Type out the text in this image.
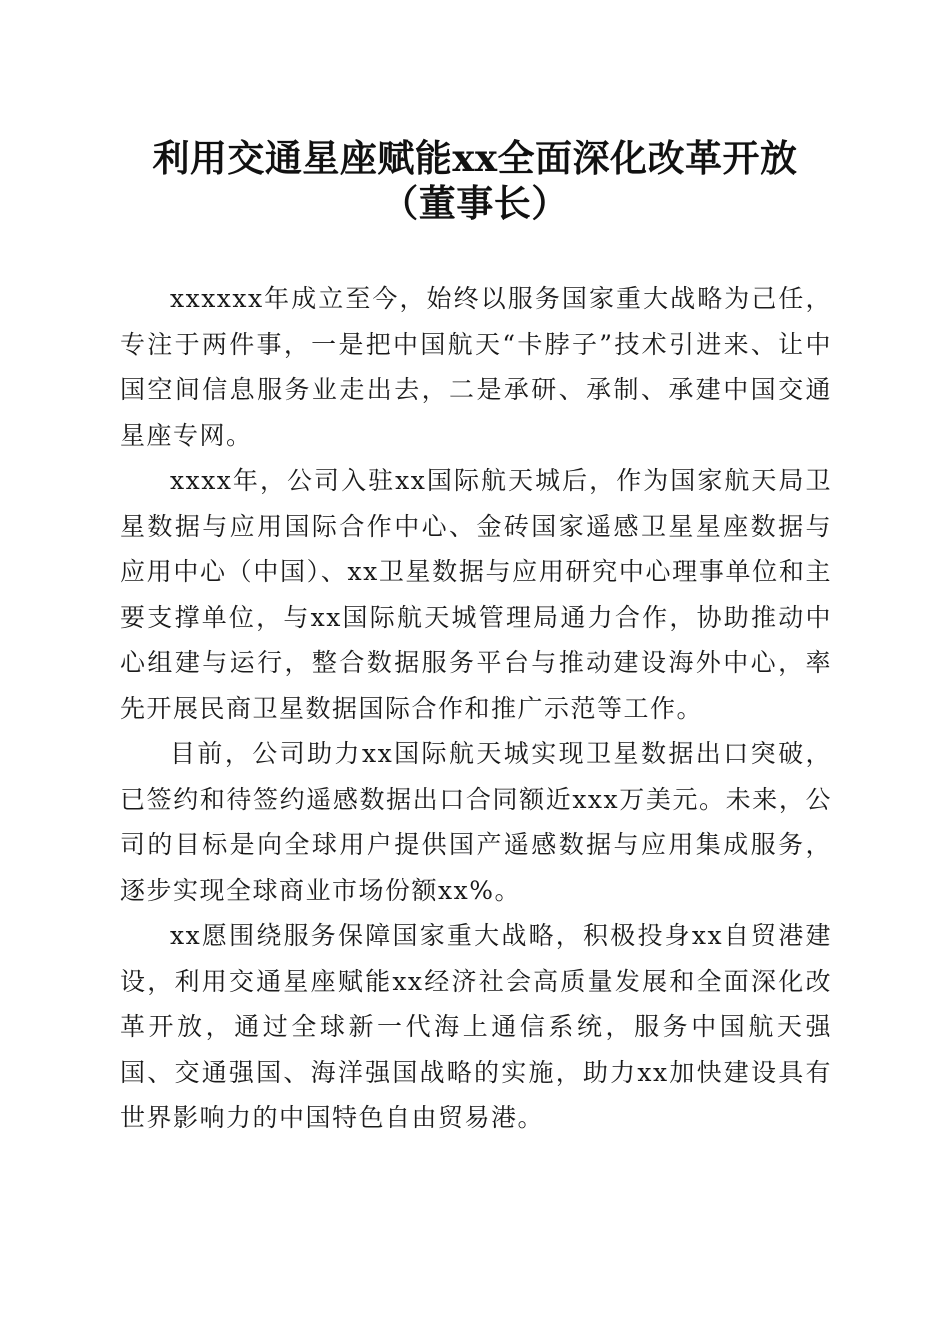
利用交通星座赋能xx全面深化改革开放（董事长）

xxxxxx年成立至今，始终以服务国家重大战略为己任，专注于两件事，一是把中国航天“卡脖子”技术引进来、让中国空间信息服务业走出去，二是承研、承制、承建中国交通星座专网。

xxxx年，公司入驻xx国际航天城后，作为国家航天局卫星数据与应用国际合作中心、金砖国家遥感卫星星座数据与应用中心（中国）、xx卫星数据与应用研究中心理事单位和主要支撑单位，与xx国际航天城管理局通力合作，协助推动中心组建与运行，整合数据服务平台与推动建设海外中心，率先开展民商卫星数据国际合作和推广示范等工作。

目前，公司助力xx国际航天城实现卫星数据出口突破，已签约和待签约遥感数据出口合同额近xxx万美元。未来，公司的目标是向全球用户提供国产遥感数据与应用集成服务，逐步实现全球商业市场份额xx%。

xx愿围绕服务保障国家重大战略，积极投身xx自贸港建设，利用交通星座赋能xx经济社会高质量发展和全面深化改革开放，通过全球新一代海上通信系统，服务中国航天强国、交通强国、海洋强国战略的实施，助力xx加快建设具有世界影响力的中国特色自由贸易港。
